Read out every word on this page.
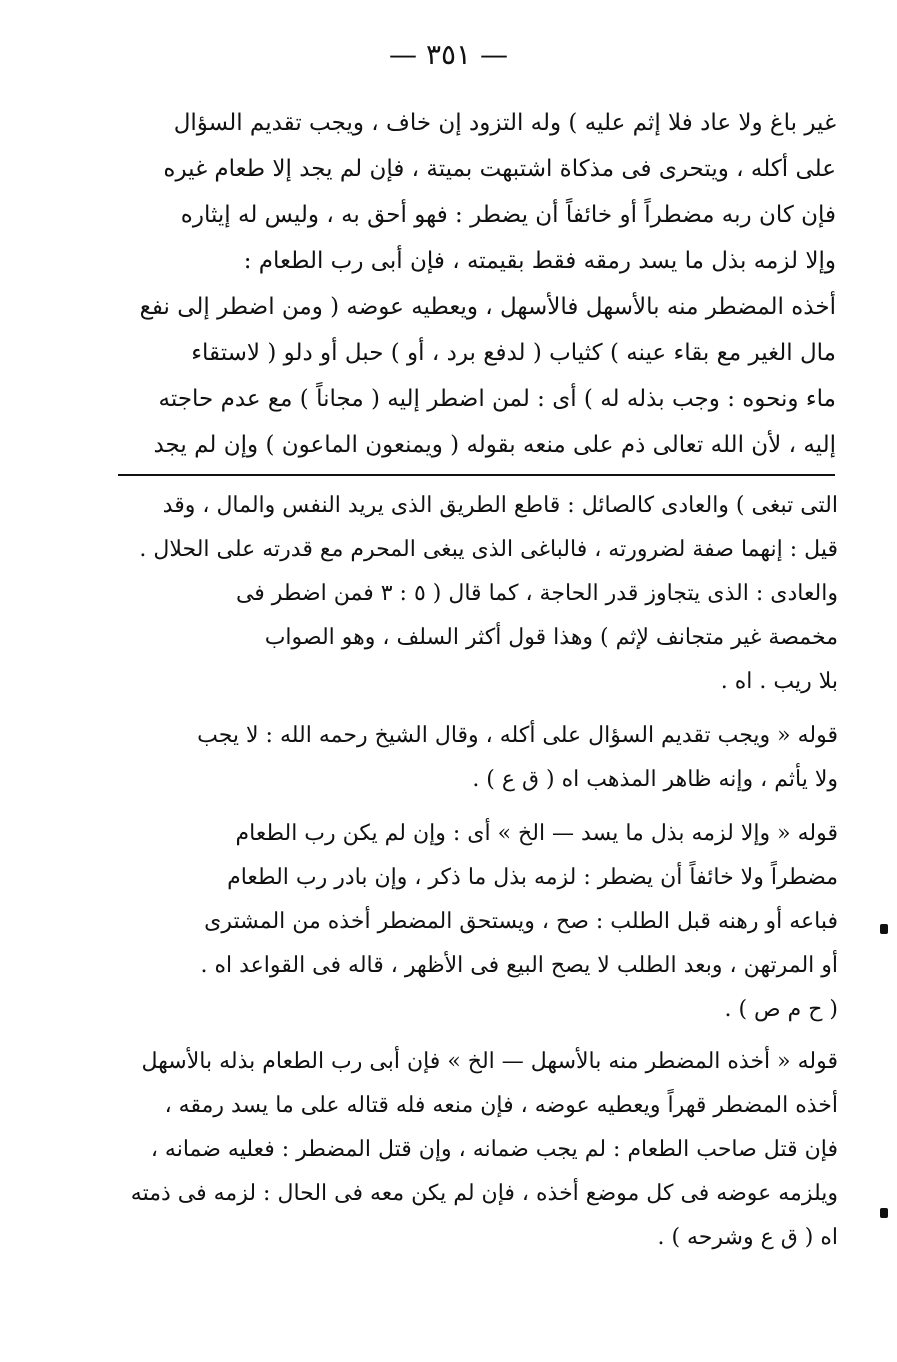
— ٣٥١ —
غير باغ ولا عاد فلا إثم عليه ) وله التزود إن خاف ، ويجب تقديم السؤال
على أكله ، ويتحرى فى مذكاة اشتبهت بميتة ، فإن لم يجد إلا طعام غيره
فإن كان ربه مضطراً أو خائفاً أن يضطر : فهو أحق به ، وليس له إيثاره
وإلا لزمه بذل ما يسد رمقه فقط بقيمته ، فإن أبى رب الطعام :
أخذه المضطر منه بالأسهل فالأسهل ، ويعطيه عوضه ( ومن اضطر إلى نفع
مال الغير مع بقاء عينه ) كثياب ( لدفع برد ، أو ) حبل أو دلو ( لاستقاء
ماء ونحوه : وجب بذله له ) أى : لمن اضطر إليه ( مجاناً ) مع عدم حاجته
إليه ، لأن الله تعالى ذم على منعه بقوله ( ويمنعون الماعون ) وإن لم يجد
التى تبغى ) والعادى كالصائل : قاطع الطريق الذى يريد النفس والمال ، وقد
قيل : إنهما صفة لضرورته ، فالباغى الذى يبغى المحرم مع قدرته على الحلال .
والعادى : الذى يتجاوز قدر الحاجة ، كما قال ( ٥ : ٣ فمن اضطر فى
مخمصة غير متجانف لإثم ) وهذا قول أكثر السلف ، وهو الصواب
بلا ريب . اه .
قوله « ويجب تقديم السؤال على أكله ، وقال الشيخ رحمه الله : لا يجب
ولا يأثم ، وإنه ظاهر المذهب اه ( ق ع ) .
قوله « وإلا لزمه بذل ما يسد — الخ » أى : وإن لم يكن رب الطعام
مضطراً ولا خائفاً أن يضطر : لزمه بذل ما ذكر ، وإن بادر رب الطعام
فباعه أو رهنه قبل الطلب : صح ، ويستحق المضطر أخذه من المشترى
أو المرتهن ، وبعد الطلب لا يصح البيع فى الأظهر ، قاله فى القواعد اه .
( ح م ص ) .
قوله « أخذه المضطر منه بالأسهل — الخ » فإن أبى رب الطعام بذله بالأسهل
أخذه المضطر قهراً ويعطيه عوضه ، فإن منعه فله قتاله على ما يسد رمقه ،
فإن قتل صاحب الطعام : لم يجب ضمانه ، وإن قتل المضطر : فعليه ضمانه ،
ويلزمه عوضه فى كل موضع أخذه ، فإن لم يكن معه فى الحال : لزمه فى ذمته
اه ( ق ع وشرحه ) .
